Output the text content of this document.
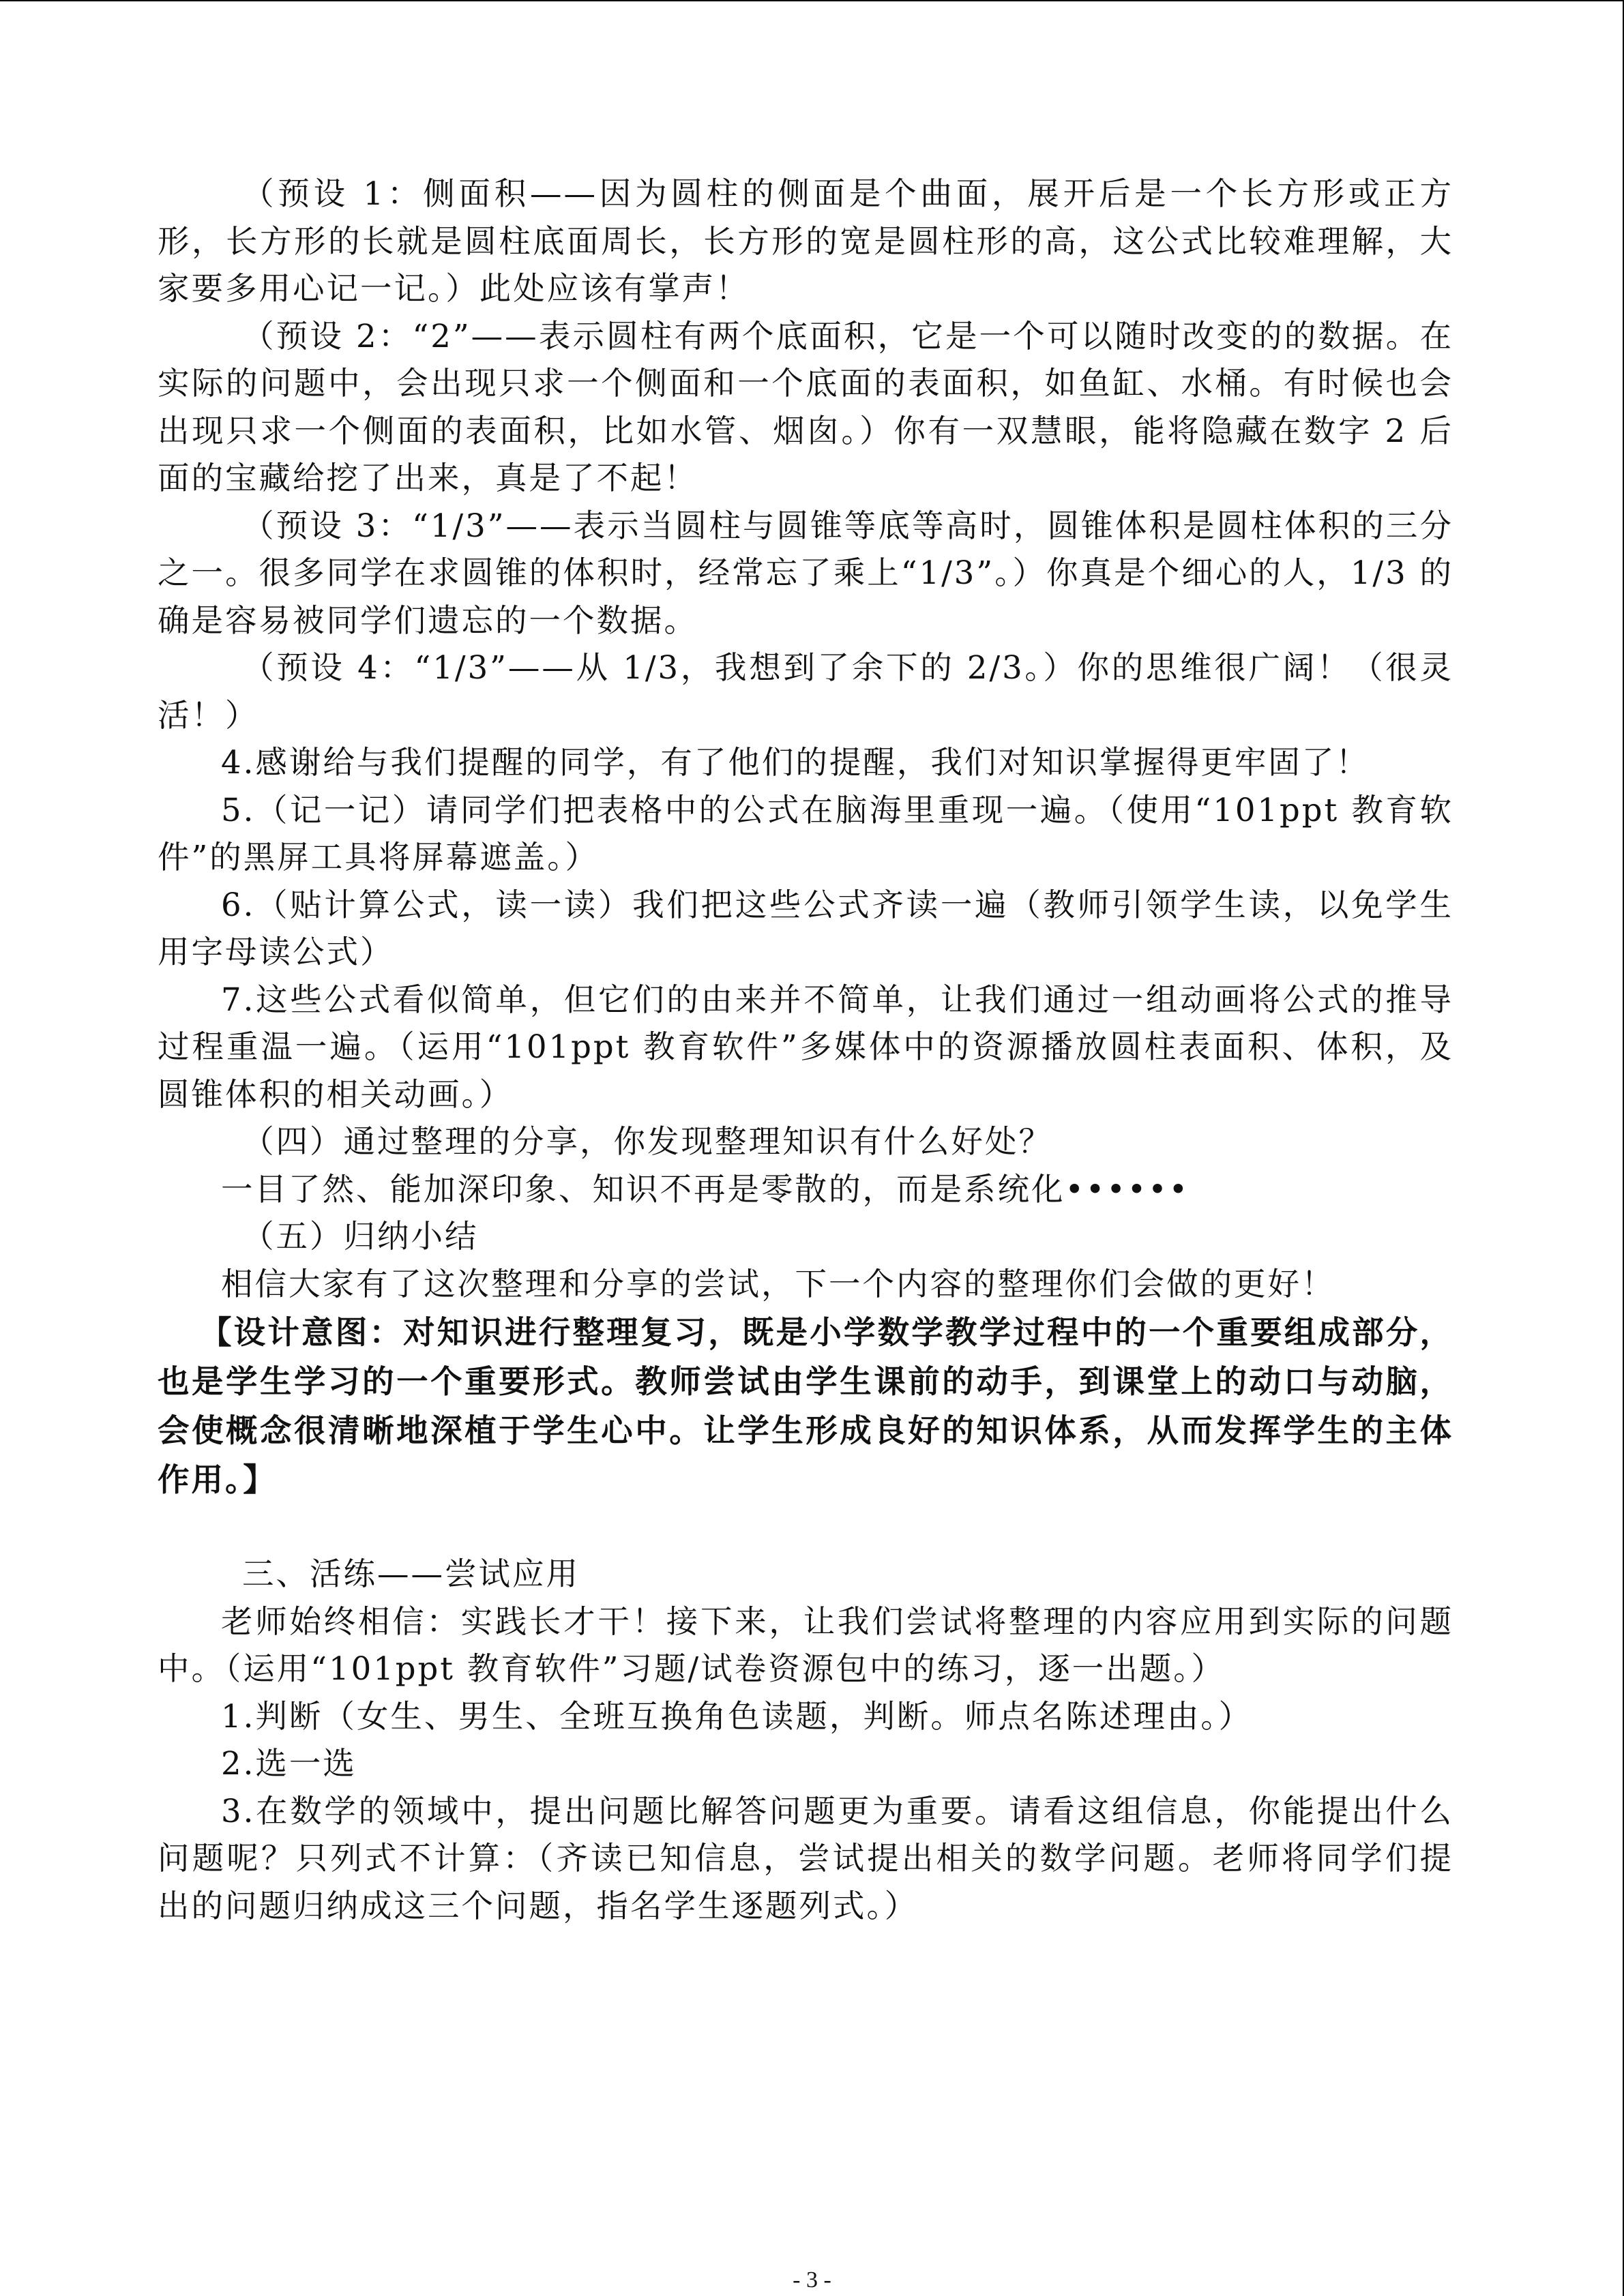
（预设 1：侧面积——因为圆柱的侧面是个曲面，展开后是一个长方形或正方形，长方形的长就是圆柱底面周长，长方形的宽是圆柱形的高，这公式比较难理解，大家要多用心记一记。）此处应该有掌声！

（预设 2：“2”——表示圆柱有两个底面积，它是一个可以随时改变的的数据。在实际的问题中，会出现只求一个侧面和一个底面的表面积，如鱼缸、水桶。有时候也会出现只求一个侧面的表面积，比如水管、烟囱。）你有一双慧眼，能将隐藏在数字 2 后面的宝藏给挖了出来，真是了不起！

（预设 3：“1/3”——表示当圆柱与圆锥等底等高时，圆锥体积是圆柱体积的三分之一。很多同学在求圆锥的体积时，经常忘了乘上“1/3”。）你真是个细心的人，1/3 的确是容易被同学们遗忘的一个数据。

（预设 4：“1/3”——从 1/3，我想到了余下的 2/3。）你的思维很广阔！（很灵活！）

4.感谢给与我们提醒的同学，有了他们的提醒，我们对知识掌握得更牢固了！

5.（记一记）请同学们把表格中的公式在脑海里重现一遍。（使用“101ppt 教育软件”的黑屏工具将屏幕遮盖。）

6.（贴计算公式，读一读）我们把这些公式齐读一遍（教师引领学生读，以免学生用字母读公式）

7.这些公式看似简单，但它们的由来并不简单，让我们通过一组动画将公式的推导过程重温一遍。（运用“101ppt 教育软件”多媒体中的资源播放圆柱表面积、体积，及圆锥体积的相关动画。）

（四）通过整理的分享，你发现整理知识有什么好处？

一目了然、能加深印象、知识不再是零散的，而是系统化••••••

（五）归纳小结

相信大家有了这次整理和分享的尝试，下一个内容的整理你们会做的更好！

【设计意图：对知识进行整理复习，既是小学数学教学过程中的一个重要组成部分，也是学生学习的一个重要形式。教师尝试由学生课前的动手，到课堂上的动口与动脑，会使概念很清晰地深植于学生心中。让学生形成良好的知识体系，从而发挥学生的主体作用。】

三、活练——尝试应用

老师始终相信：实践长才干！接下来，让我们尝试将整理的内容应用到实际的问题中。（运用“101ppt 教育软件”习题/试卷资源包中的练习，逐一出题。）

1.判断（女生、男生、全班互换角色读题，判断。师点名陈述理由。）

2.选一选

3.在数学的领域中，提出问题比解答问题更为重要。请看这组信息，你能提出什么问题呢？只列式不计算：（齐读已知信息，尝试提出相关的数学问题。老师将同学们提出的问题归纳成这三个问题，指名学生逐题列式。）

- 3 -
